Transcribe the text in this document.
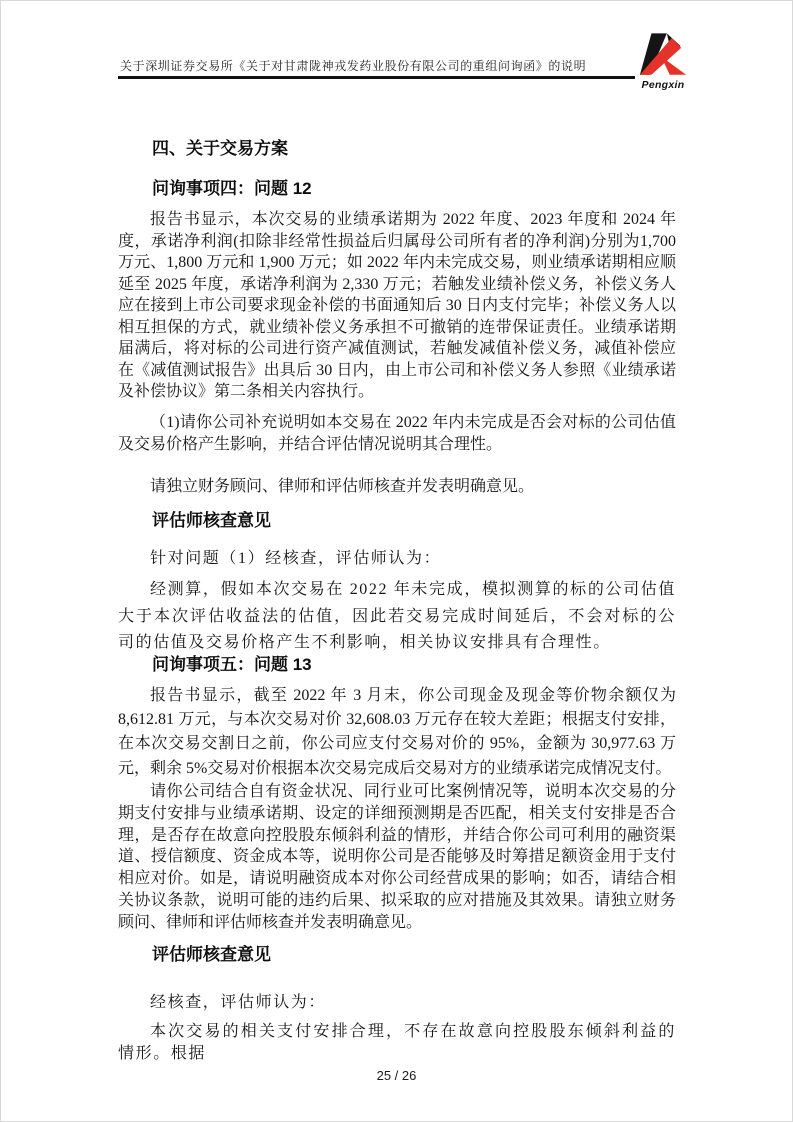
关于深圳证券交易所《关于对甘肃陇神戎发药业股份有限公司的重组问询函》的说明
Pengxin
四、关于交易方案
问询事项四：问题 12
报告书显示，本次交易的业绩承诺期为 2022 年度、2023 年度和 2024 年度，承诺净利润(扣除非经常性损益后归属母公司所有者的净利润)分别为1,700 万元、1,800 万元和 1,900 万元；如 2022 年内未完成交易，则业绩承诺期相应顺延至 2025 年度，承诺净利润为 2,330 万元；若触发业绩补偿义务，补偿义务人应在接到上市公司要求现金补偿的书面通知后 30 日内支付完毕；补偿义务人以相互担保的方式，就业绩补偿义务承担不可撤销的连带保证责任。业绩承诺期届满后，将对标的公司进行资产减值测试，若触发减值补偿义务，减值补偿应在《减值测试报告》出具后 30 日内，由上市公司和补偿义务人参照《业绩承诺及补偿协议》第二条相关内容执行。
（1)请你公司补充说明如本交易在 2022 年内未完成是否会对标的公司估值及交易价格产生影响，并结合评估情况说明其合理性。
请独立财务顾问、律师和评估师核查并发表明确意见。
评估师核查意见
针对问题（1）经核查，评估师认为：
经测算，假如本次交易在 2022 年未完成，模拟测算的标的公司估值大于本次评估收益法的估值，因此若交易完成时间延后，不会对标的公司的估值及交易价格产生不利影响，相关协议安排具有合理性。
问询事项五：问题 13
报告书显示，截至 2022 年 3 月末，你公司现金及现金等价物余额仅为 8,612.81 万元，与本次交易对价 32,608.03 万元存在较大差距；根据支付安排，在本次交易交割日之前，你公司应支付交易对价的 95%，金额为 30,977.63 万元，剩余 5%交易对价根据本次交易完成后交易对方的业绩承诺完成情况支付。
请你公司结合自有资金状况、同行业可比案例情况等，说明本次交易的分期支付安排与业绩承诺期、设定的详细预测期是否匹配，相关支付安排是否合理，是否存在故意向控股股东倾斜利益的情形，并结合你公司可利用的融资渠道、授信额度、资金成本等，说明你公司是否能够及时筹措足额资金用于支付相应对价。如是，请说明融资成本对你公司经营成果的影响；如否，请结合相关协议条款，说明可能的违约后果、拟采取的应对措施及其效果。请独立财务顾问、律师和评估师核查并发表明确意见。
评估师核查意见
经核查，评估师认为：
本次交易的相关支付安排合理，不存在故意向控股股东倾斜利益的情形。根据
25 / 26
